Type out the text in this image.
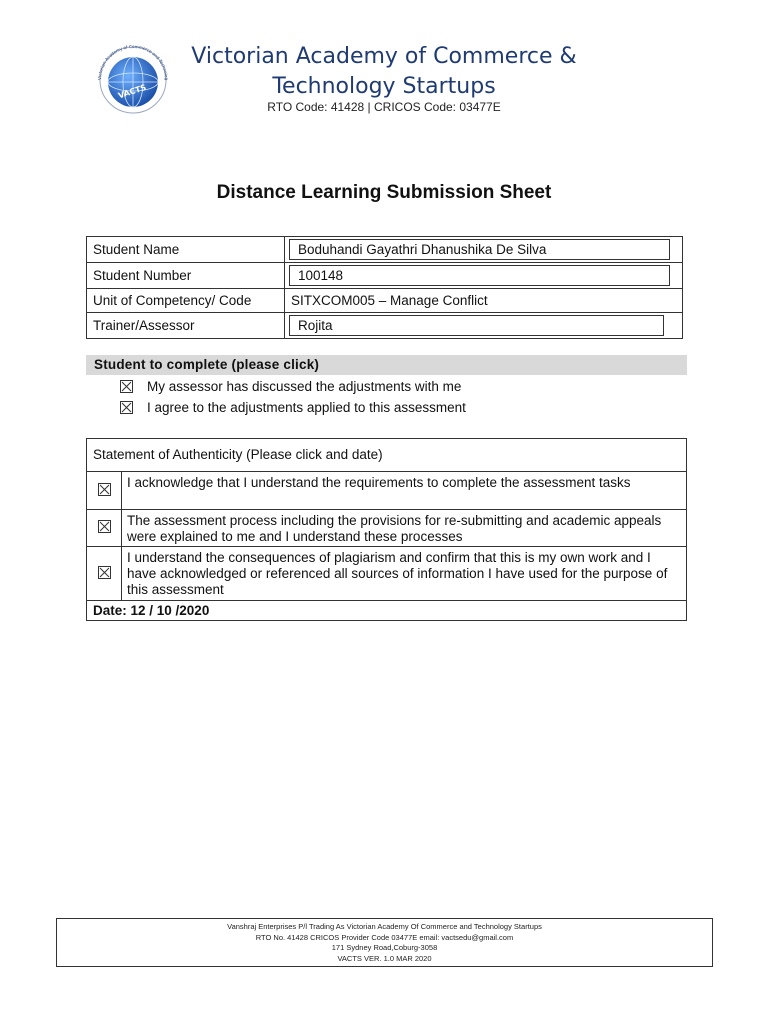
Victorian Academy of Commerce and Technolog
VACTS
Victorian Academy of Commerce &
Technology Startups
RTO Code: 41428 | CRICOS Code: 03477E
Distance Learning Submission Sheet
Student Name	Boduhandi Gayathri Dhanushika De Silva

Student Number	100148

Unit of Competency/ Code	SITXCOM005 – Manage Conflict
Trainer/Assessor	Rojita
Student to complete (please click)
My assessor has discussed the adjustments with me
I agree to the adjustments applied to this assessment
Statement of Authenticity (Please click and date)	
	I acknowledge that I understand the requirements to complete the assessment tasks
	The assessment process including the provisions for re-submitting and academic appeals were explained to me and I understand these processes
	I understand the consequences of plagiarism and confirm that this is my own work and I have acknowledged or referenced all sources of information I have used for the purpose of this assessment
Date: 12 / 10 /2020	
Vanshraj Enterprises P/l Trading As Victorian Academy Of Commerce and Technology Startups
RTO No. 41428 CRICOS Provider Code 03477E email: vactsedu@gmail.com
171 Sydney Road,Coburg-3058
VACTS VER. 1.0 MAR 2020
